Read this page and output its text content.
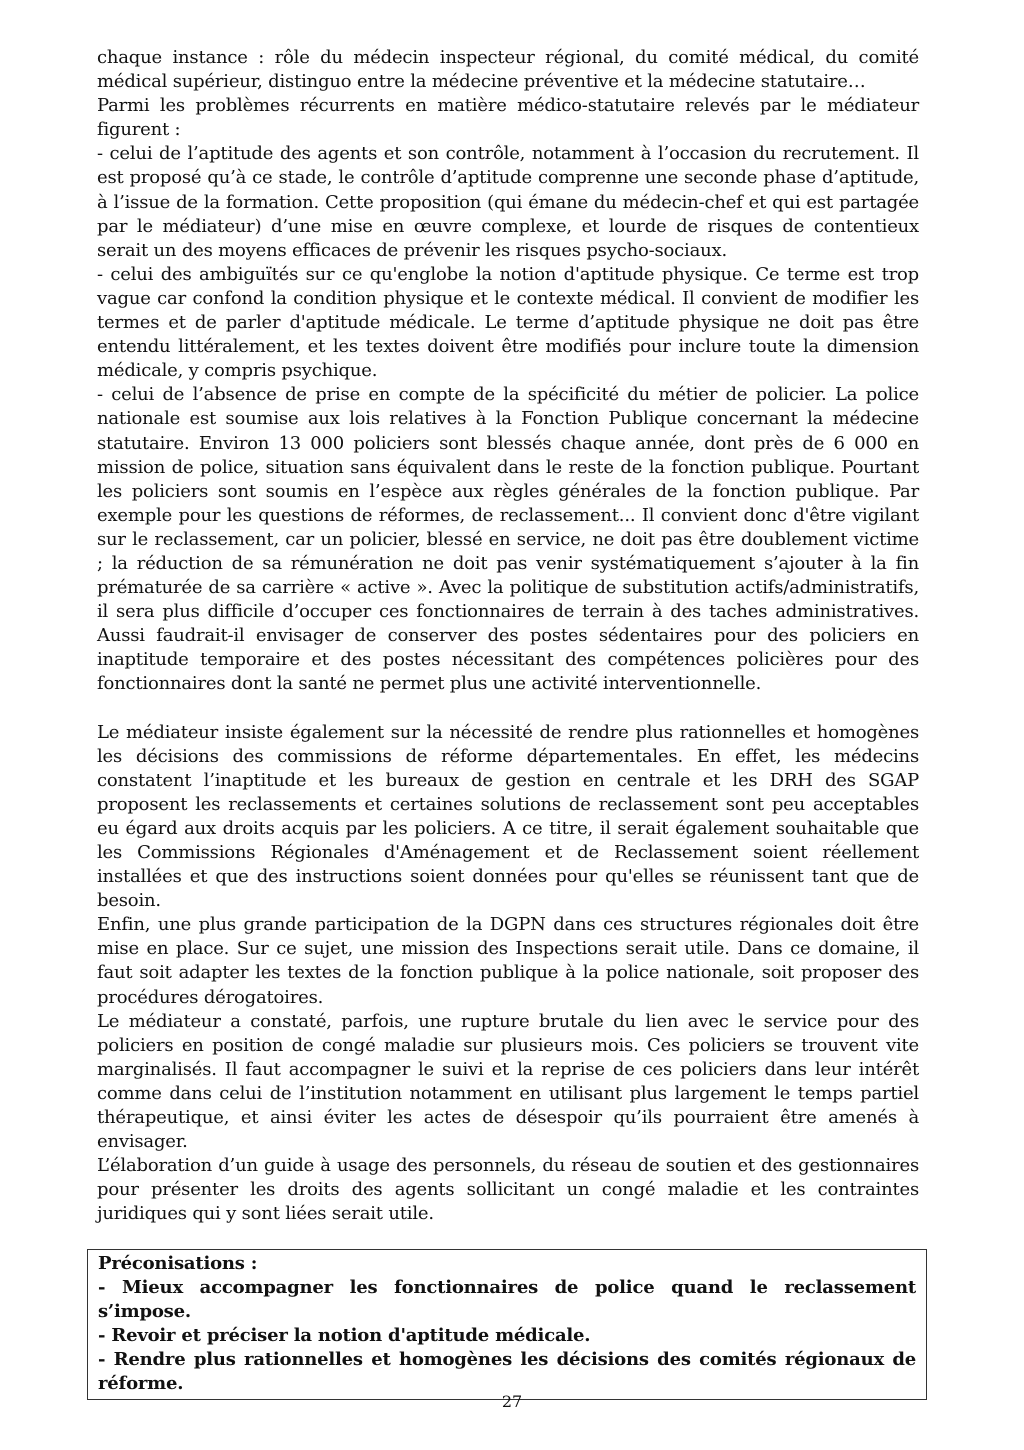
chaque instance : rôle du médecin inspecteur régional, du comité médical, du comité médical supérieur, distinguo entre la médecine préventive et la médecine statutaire…

Parmi les problèmes récurrents en matière médico-statutaire relevés par le médiateur figurent :

- celui de l’aptitude des agents et son contrôle, notamment à l’occasion du recrutement. Il est proposé qu’à ce stade, le contrôle d’aptitude comprenne une seconde phase d’aptitude, à l’issue de la formation. Cette proposition (qui émane du médecin-chef et qui est partagée par le médiateur) d’une mise en œuvre complexe, et lourde de risques de contentieux serait un des moyens efficaces de prévenir les risques psycho-sociaux.

- celui des ambiguïtés sur ce qu'englobe la notion d'aptitude physique. Ce terme est trop vague car confond la condition physique et le contexte médical. Il convient de modifier les termes et de parler d'aptitude médicale. Le terme d’aptitude physique ne doit pas être entendu littéralement, et les textes doivent être modifiés pour inclure toute la dimension médicale, y compris psychique.

- celui de l’absence de prise en compte de la spécificité du métier de policier. La police nationale est soumise aux lois relatives à la Fonction Publique concernant la médecine statutaire. Environ 13 000 policiers sont blessés chaque année, dont près de 6 000 en mission de police, situation sans équivalent dans le reste de la fonction publique. Pourtant les policiers sont soumis en l’espèce aux règles générales de la fonction publique. Par exemple pour les questions de réformes, de reclassement... Il convient donc d'être vigilant sur le reclassement, car un policier, blessé en service, ne doit pas être doublement victime ; la réduction de sa rémunération ne doit pas venir systématiquement s’ajouter à la fin prématurée de sa carrière « active ». Avec la politique de substitution actifs/administratifs, il sera plus difficile d’occuper ces fonctionnaires de terrain à des taches administratives. Aussi faudrait-il envisager de conserver des postes sédentaires pour des policiers en inaptitude temporaire et des postes nécessitant des compétences policières pour des fonctionnaires dont la santé ne permet plus une activité interventionnelle.

Le médiateur insiste également sur la nécessité de rendre plus rationnelles et homogènes les décisions des commissions de réforme départementales. En effet, les médecins constatent l’inaptitude et les bureaux de gestion en centrale et les DRH des SGAP proposent les reclassements et certaines solutions de reclassement sont peu acceptables eu égard aux droits acquis par les policiers. A ce titre, il serait également souhaitable que les Commissions Régionales d'Aménagement et de Reclassement soient réellement installées et que des instructions soient données pour qu'elles se réunissent tant que de besoin.

Enfin, une plus grande participation de la DGPN dans ces structures régionales doit être mise en place. Sur ce sujet, une mission des Inspections serait utile. Dans ce domaine, il faut soit adapter les textes de la fonction publique à la police nationale, soit proposer des procédures dérogatoires.

Le médiateur a constaté, parfois, une rupture brutale du lien avec le service pour des policiers en position de congé maladie sur plusieurs mois. Ces policiers se trouvent vite marginalisés. Il faut accompagner le suivi et la reprise de ces policiers dans leur intérêt comme dans celui de l’institution notamment en utilisant plus largement le temps partiel thérapeutique, et ainsi éviter les actes de désespoir qu’ils pourraient être amenés à envisager.

L’élaboration d’un guide à usage des personnels, du réseau de soutien et des gestionnaires pour présenter les droits des agents sollicitant un congé maladie et les contraintes juridiques qui y sont liées serait utile.

Préconisations :

- Mieux accompagner les fonctionnaires de police quand le reclassement s’impose.

- Revoir et préciser la notion d'aptitude médicale.

- Rendre plus rationnelles et homogènes les décisions des comités régionaux de réforme.

27
